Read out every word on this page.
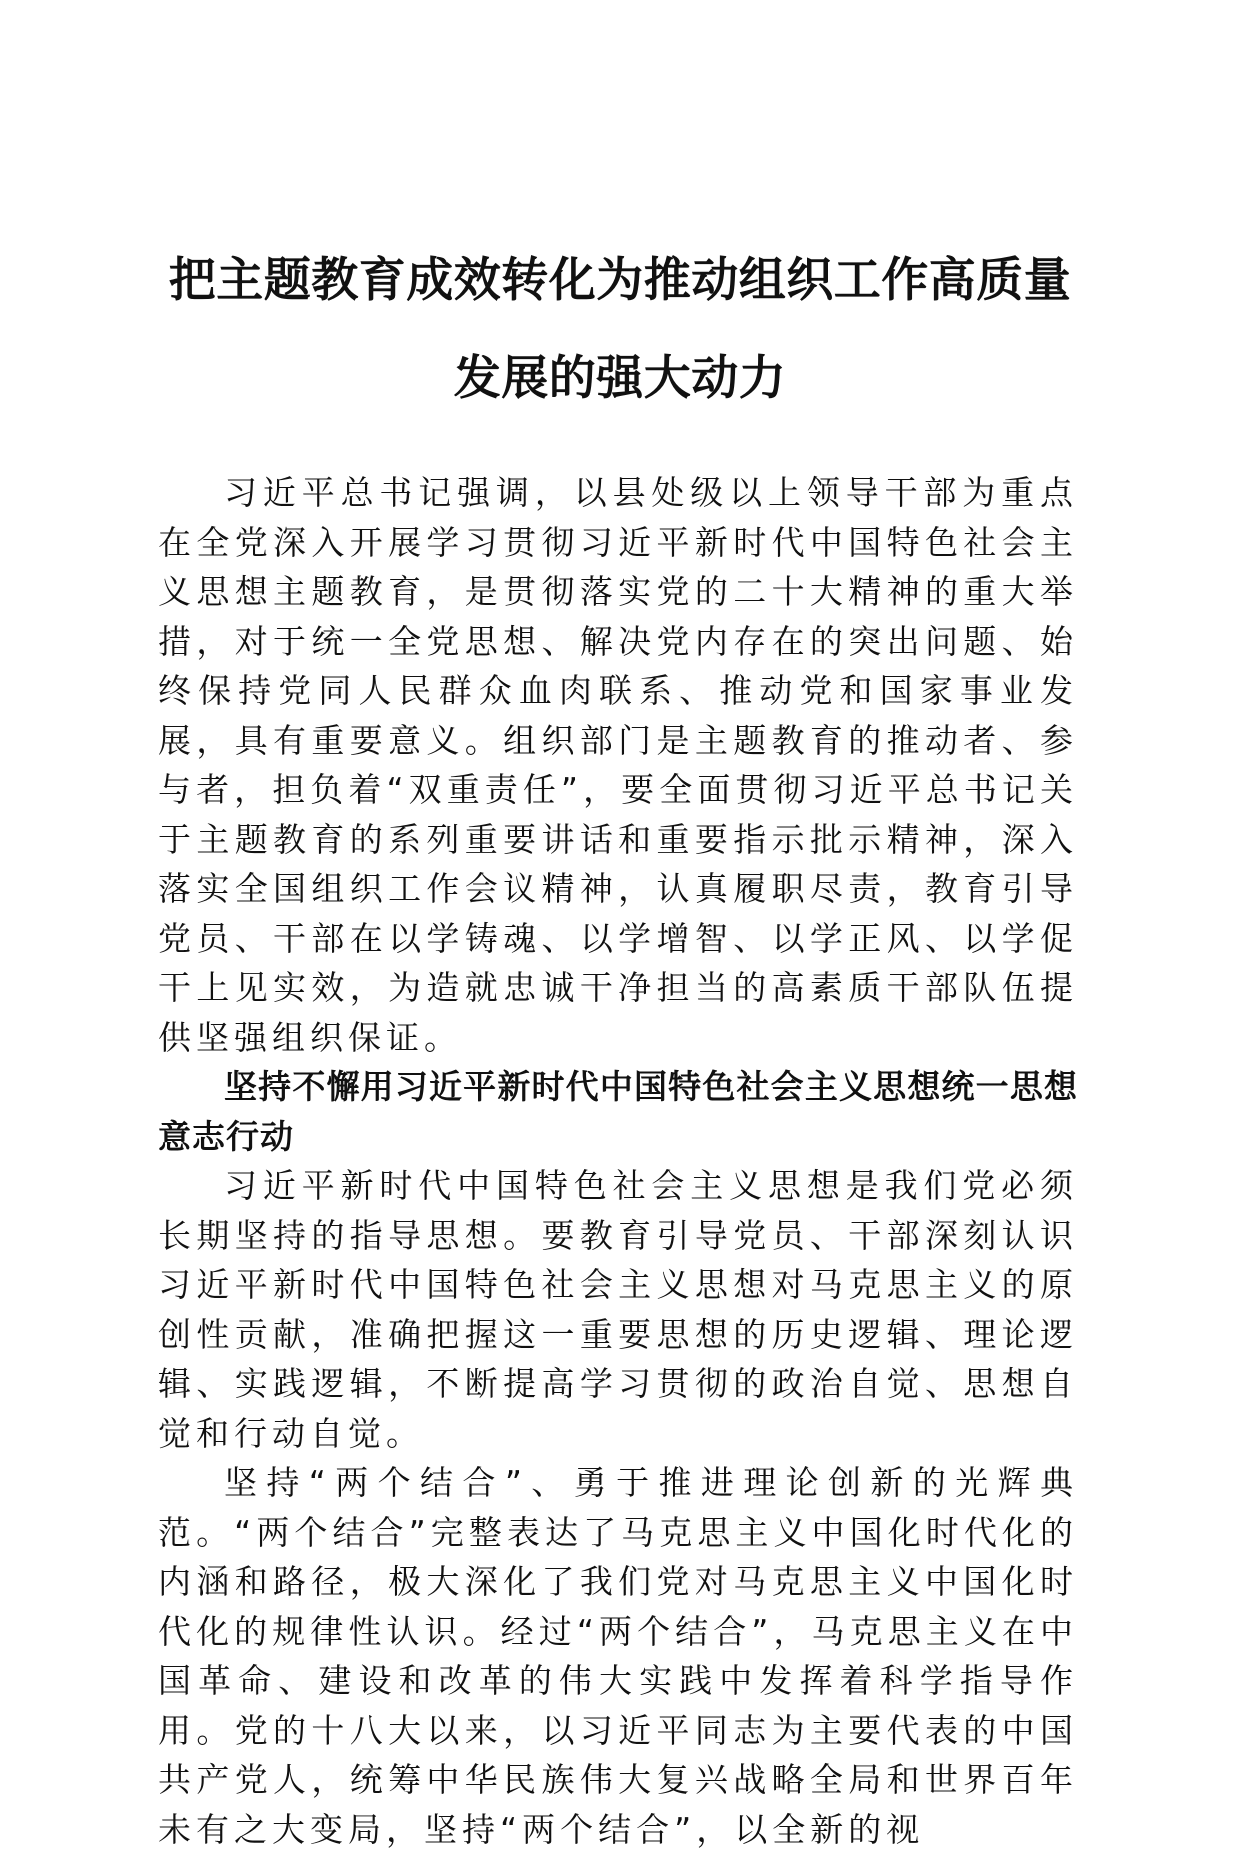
把主题教育成效转化为推动组织工作高质量发展的强大动力

习近平总书记强调，以县处级以上领导干部为重点在全党深入开展学习贯彻习近平新时代中国特色社会主义思想主题教育，是贯彻落实党的二十大精神的重大举措，对于统一全党思想、解决党内存在的突出问题、始终保持党同人民群众血肉联系、推动党和国家事业发展，具有重要意义。组织部门是主题教育的推动者、参与者，担负着“双重责任”，要全面贯彻习近平总书记关于主题教育的系列重要讲话和重要指示批示精神，深入落实全国组织工作会议精神，认真履职尽责，教育引导党员、干部在以学铸魂、以学增智、以学正风、以学促干上见实效，为造就忠诚干净担当的高素质干部队伍提供坚强组织保证。

坚持不懈用习近平新时代中国特色社会主义思想统一思想意志行动

习近平新时代中国特色社会主义思想是我们党必须长期坚持的指导思想。要教育引导党员、干部深刻认识习近平新时代中国特色社会主义思想对马克思主义的原创性贡献，准确把握这一重要思想的历史逻辑、理论逻辑、实践逻辑，不断提高学习贯彻的政治自觉、思想自觉和行动自觉。

坚持“两个结合”、勇于推进理论创新的光辉典范。“两个结合”完整表达了马克思主义中国化时代化的内涵和路径，极大深化了我们党对马克思主义中国化时代化的规律性认识。经过“两个结合”，马克思主义在中国革命、建设和改革的伟大实践中发挥着科学指导作用。党的十八大以来，以习近平同志为主要代表的中国共产党人，统筹中华民族伟大复兴战略全局和世界百年未有之大变局，坚持“两个结合”，以全新的视
